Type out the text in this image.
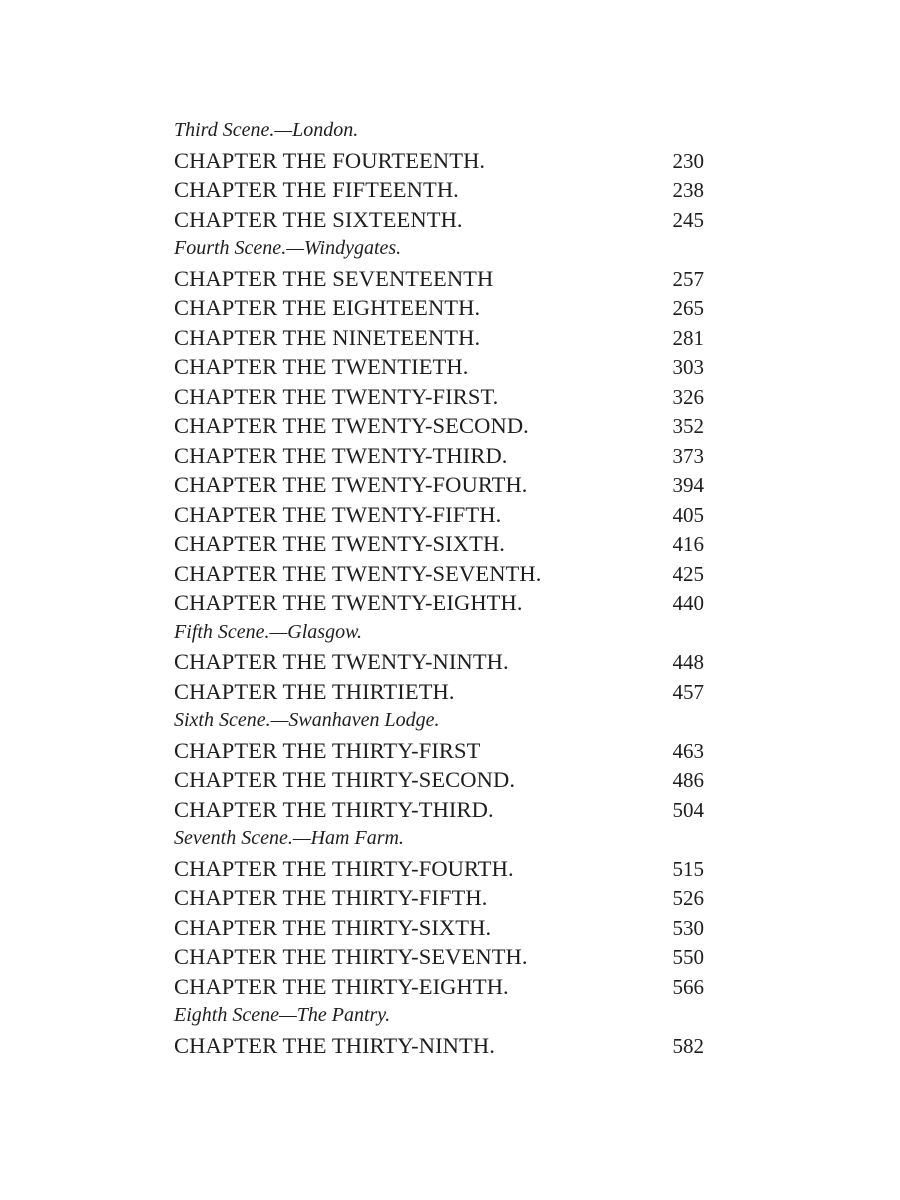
Third Scene.—London.
CHAPTER THE FOURTEENTH.	230
CHAPTER THE FIFTEENTH.	238
CHAPTER THE SIXTEENTH.	245
Fourth Scene.—Windygates.
CHAPTER THE SEVENTEENTH	257
CHAPTER THE EIGHTEENTH.	265
CHAPTER THE NINETEENTH.	281
CHAPTER THE TWENTIETH.	303
CHAPTER THE TWENTY-FIRST.	326
CHAPTER THE TWENTY-SECOND.	352
CHAPTER THE TWENTY-THIRD.	373
CHAPTER THE TWENTY-FOURTH.	394
CHAPTER THE TWENTY-FIFTH.	405
CHAPTER THE TWENTY-SIXTH.	416
CHAPTER THE TWENTY-SEVENTH.	425
CHAPTER THE TWENTY-EIGHTH.	440
Fifth Scene.—Glasgow.
CHAPTER THE TWENTY-NINTH.	448
CHAPTER THE THIRTIETH.	457
Sixth Scene.—Swanhaven Lodge.
CHAPTER THE THIRTY-FIRST	463
CHAPTER THE THIRTY-SECOND.	486
CHAPTER THE THIRTY-THIRD.	504
Seventh Scene.—Ham Farm.
CHAPTER THE THIRTY-FOURTH.	515
CHAPTER THE THIRTY-FIFTH.	526
CHAPTER THE THIRTY-SIXTH.	530
CHAPTER THE THIRTY-SEVENTH.	550
CHAPTER THE THIRTY-EIGHTH.	566
Eighth Scene—The Pantry.
CHAPTER THE THIRTY-NINTH.	582
